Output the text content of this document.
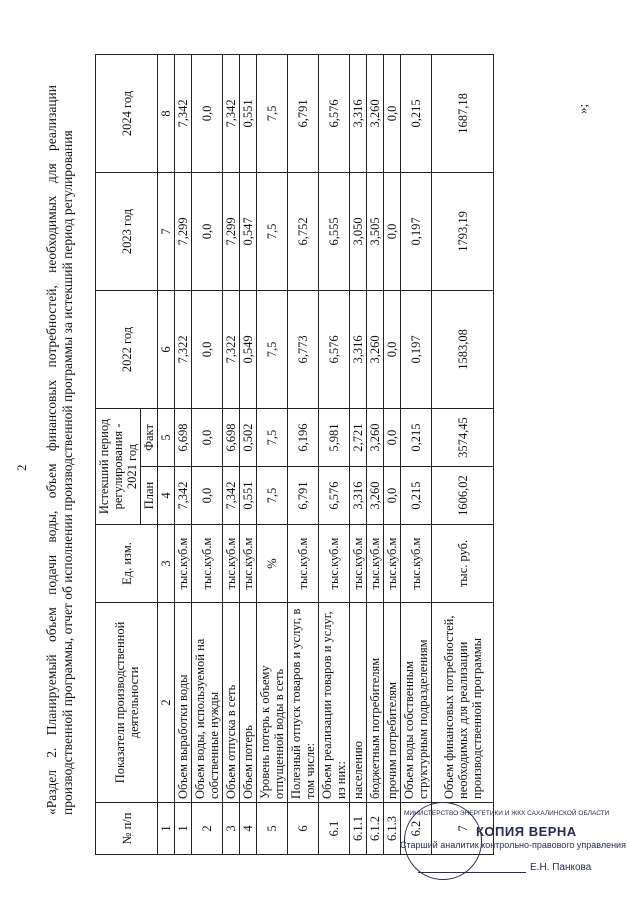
2 «Раздел 2. Планируемый объем подачи воды, объем финансовых потребностей, необходимых для реализации производственной программы, отчет об исполнении производственной программы за истекший период регулирования
№ п/п	Показатели производственной деятельности	Ед. изм.	Истекший период регулирования - 2021 год		2022 год	2023 год	2024 год
			План	Факт			
1	2	3	4	5	6	7	8
1	Объем выработки воды	тыс.куб.м	7,342	6,698	7,322	7,299	7,342
2	Объем воды, используемой на собственные нужды	тыс.куб.м	0,0	0,0	0,0	0,0	0,0
3	Объем отпуска в сеть	тыс.куб.м	7,342	6,698	7,322	7,299	7,342
4	Объем потерь	тыс.куб.м	0,551	0,502	0,549	0,547	0,551
5	Уровень потерь к объему отпущенной воды в сеть	%	7,5	7,5	7,5	7,5	7,5
6	Полезный отпуск товаров и услуг, в том числе:	тыс.куб.м	6,791	6,196	6,773	6,752	6,791
6.1	Объем реализации товаров и услуг, из них:	тыс.куб.м	6,576	5,981	6,576	6,555	6,576
6.1.1	населению	тыс.куб.м	3,316	2,721	3,316	3,050	3,316
6.1.2	бюджетным потребителям	тыс.куб.м	3,260	3,260	3,260	3,505	3,260
6.1.3	прочим потребителям	тыс.куб.м	0,0	0,0	0,0	0,0	0,0
6.2	Объем воды собственным структурным подразделениям	тыс.куб.м	0,215	0,215	0,197	0,197	0,215
7	Объем финансовых потребностей, необходимых для реализации производственной программы	тыс. руб.	1606,02	3574,45	1583,08	1793,19	1687,18	»;
МИНИСТЕРСТВО ЭНЕРГЕТИКИ И ЖКХ САХАЛИНСКОЙ ОБЛАСТИ
КОПИЯ ВЕРНА
Старший аналитик контрольно-правового управления
Е.Н. Панкова
